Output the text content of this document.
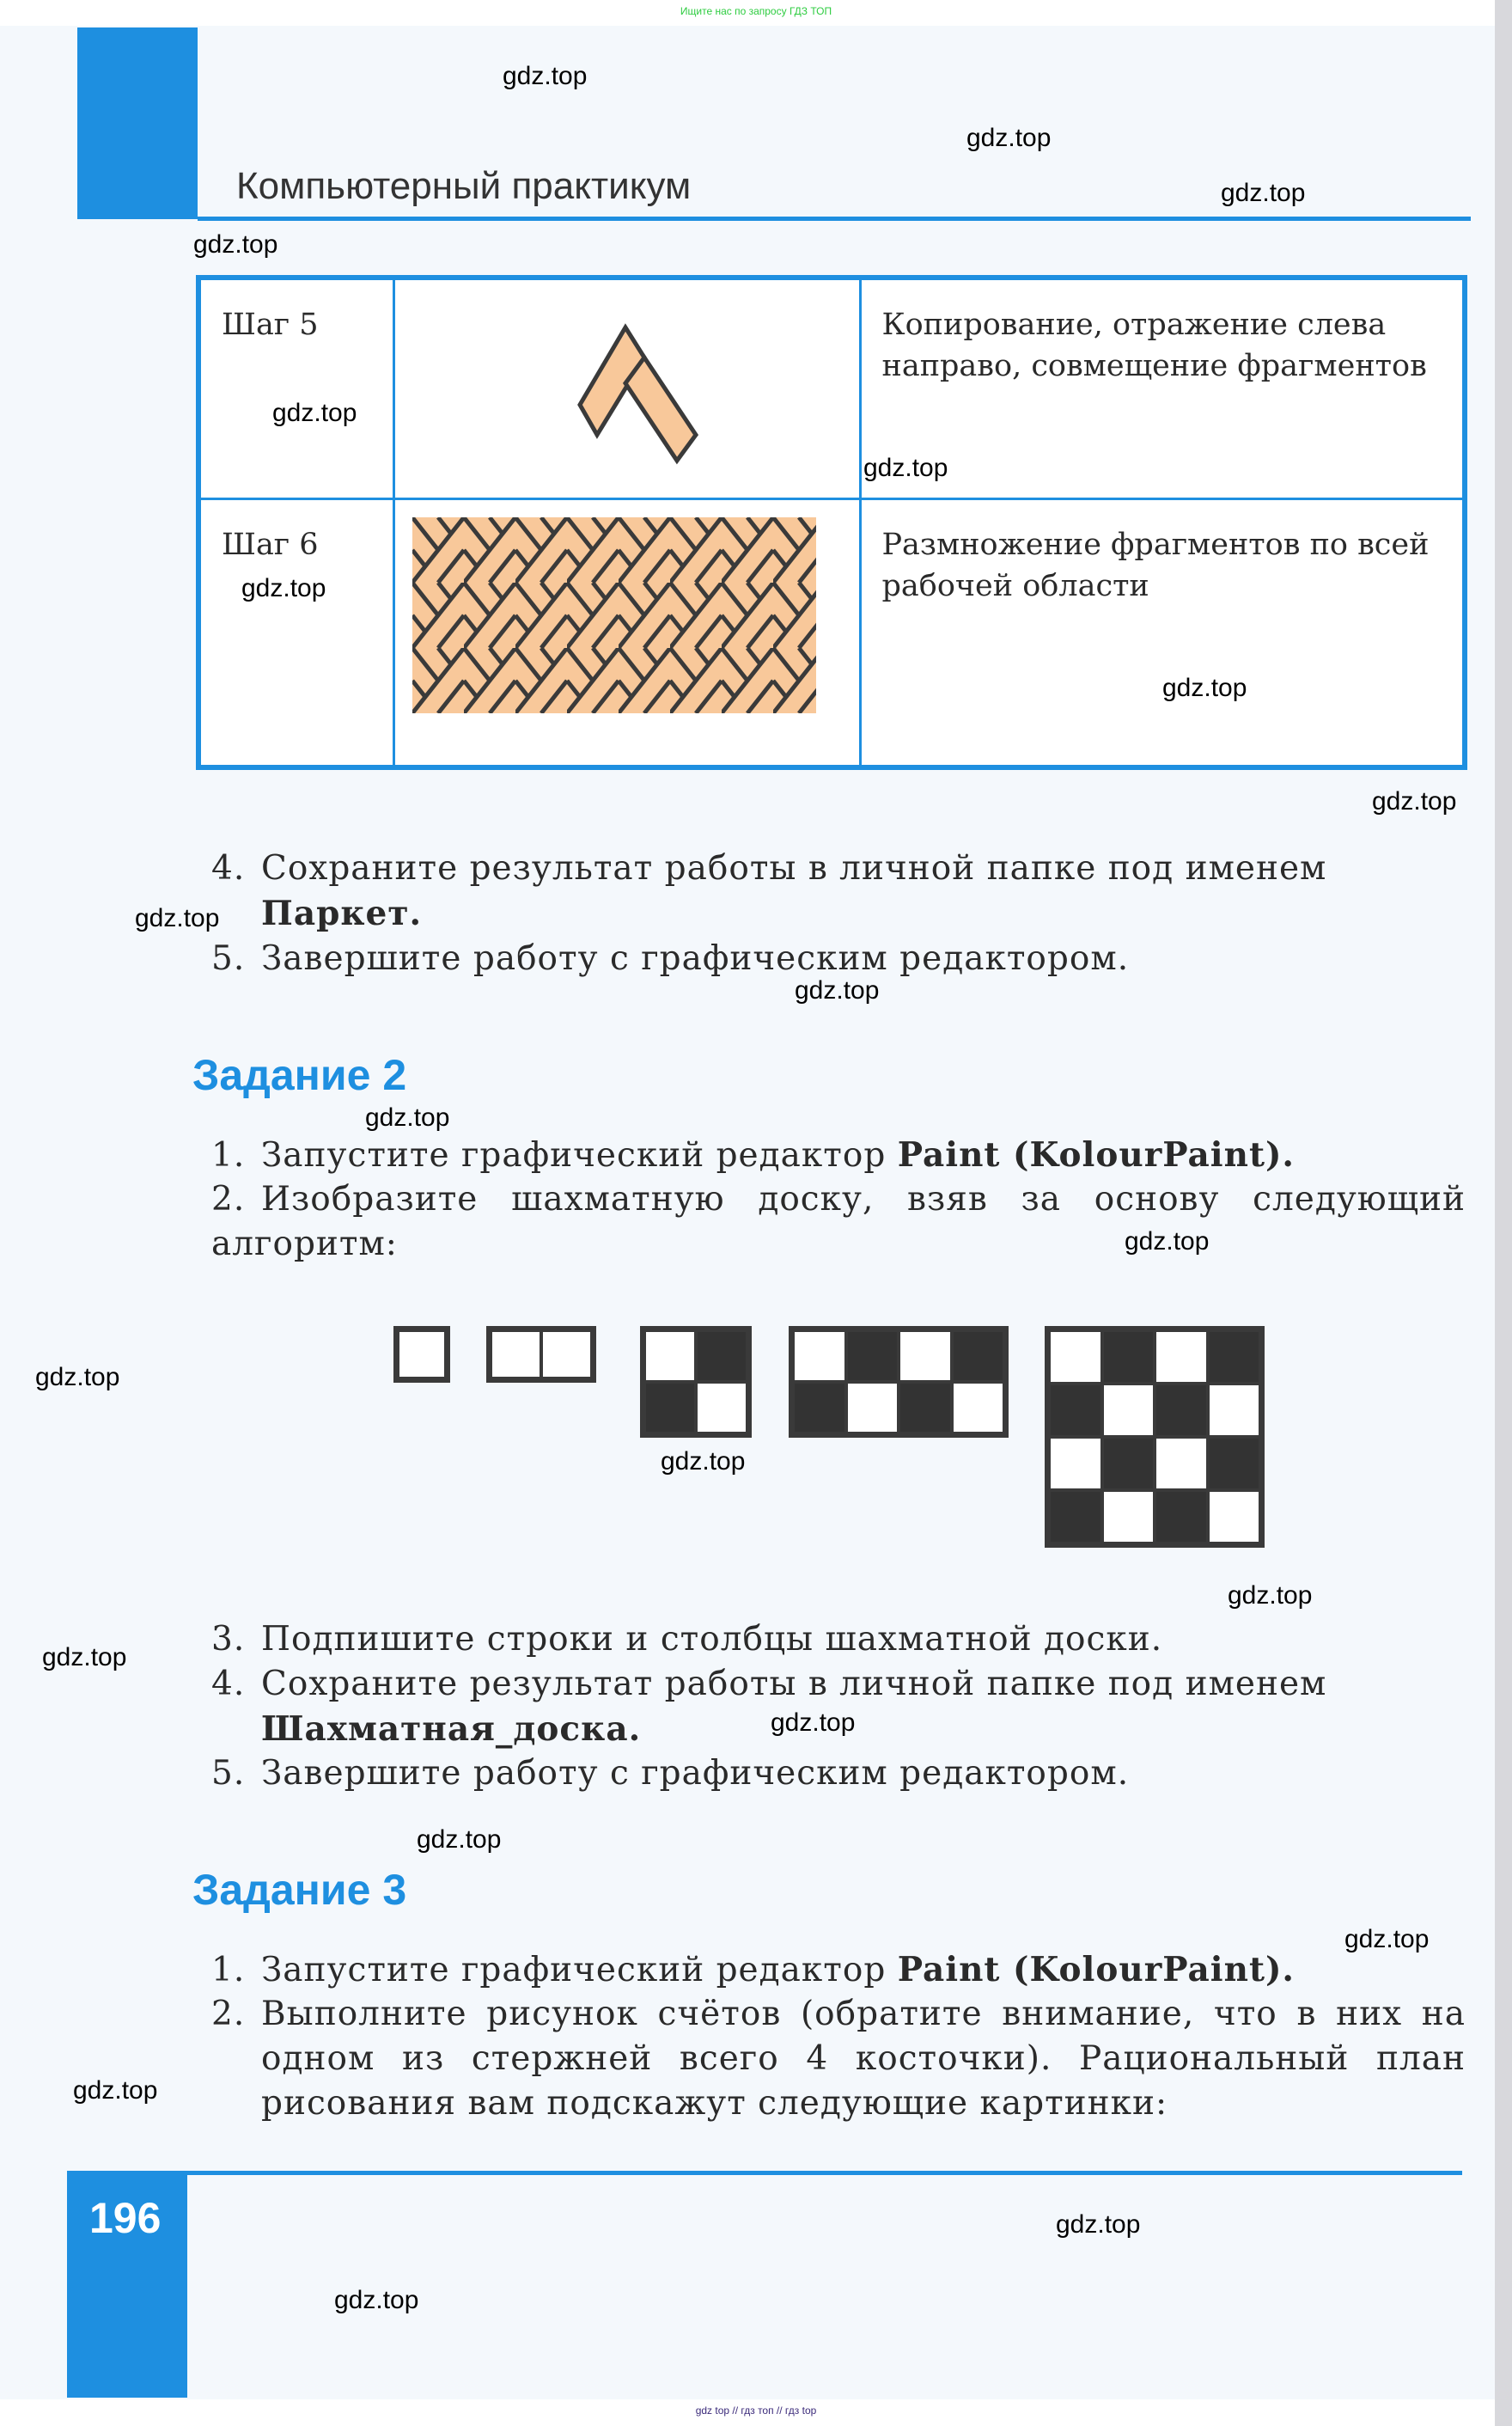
Ищите нас по запросу ГДЗ ТОП
Компьютерный практикум
Шаг 5		Копирование, отражение слева направо, совмещение фрагментов
Шаг 6		Размножение фрагментов по всей рабочей области
4. Сохраните результат работы в личной папке под именем
Паркет.
5. Завершите работу с графическим редактором.
Задание 2
1. Запустите графический редактор Paint (KolourPaint).
2. Изобразите шахматную доску, взяв за основу следующий алгоритм:
3. Подпишите строки и столбцы шахматной доски.
4. Сохраните результат работы в личной папке под именем
Шахматная_доска.
5. Завершите работу с графическим редактором.
Задание 3
1. Запустите графический редактор Paint (KolourPaint).
2. Выполните рисунок счётов (обратите внимание, что в них на одном из стержней всего 4 косточки). Рациональный план рисования вам подскажут следующие картинки:
196
gdz top // гдз топ // гдз top
gdz.top
gdz.top
gdz.top
gdz.top
gdz.top
gdz.top
gdz.top
gdz.top
gdz.top
gdz.top
gdz.top
gdz.top
gdz.top
gdz.top
gdz.top
gdz.top
gdz.top
gdz.top
gdz.top
gdz.top
gdz.top
gdz.top
gdz.top
